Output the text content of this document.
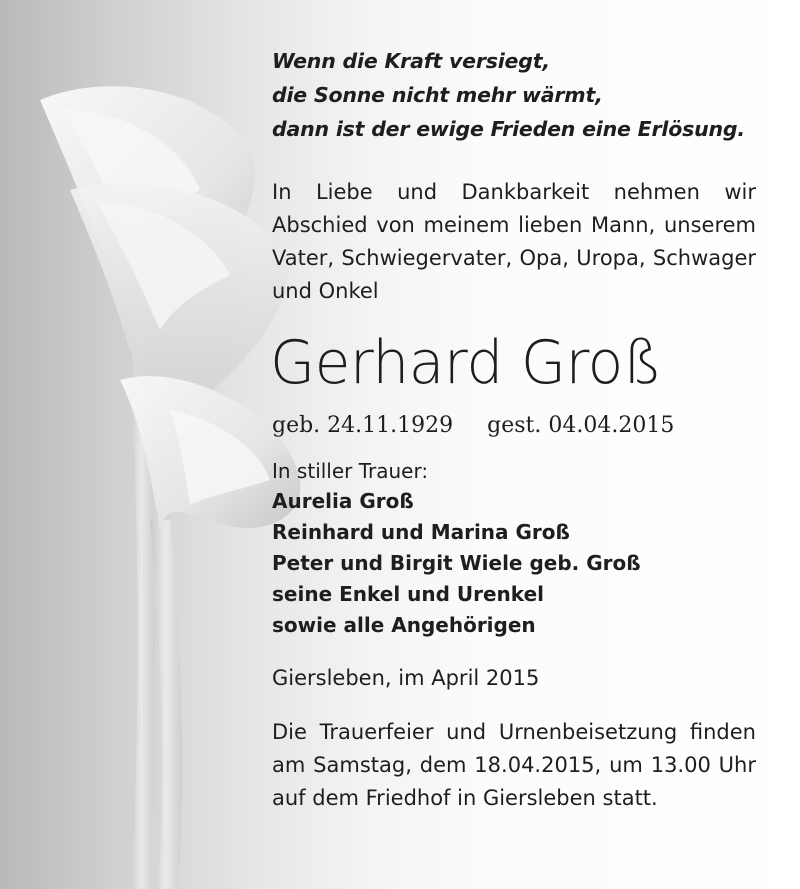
Wenn die Kraft versiegt,
die Sonne nicht mehr wärmt,
dann ist der ewige Frieden eine Erlösung.
In Liebe und Dankbarkeit nehmen wir Abschied von meinem lieben Mann, unserem Vater, Schwiegervater, Opa, Uropa, Schwager und Onkel
Gerhard Groß
geb. 24.11.1929 gest. 04.04.2015
In stiller Trauer:
Aurelia Groß
Reinhard und Marina Groß
Peter und Birgit Wiele geb. Groß
seine Enkel und Urenkel
sowie alle Angehörigen
Giersleben, im April 2015
Die Trauerfeier und Urnenbeisetzung finden am Samstag, dem 18.04.2015, um 13.00 Uhr auf dem Friedhof in Giersleben statt.
